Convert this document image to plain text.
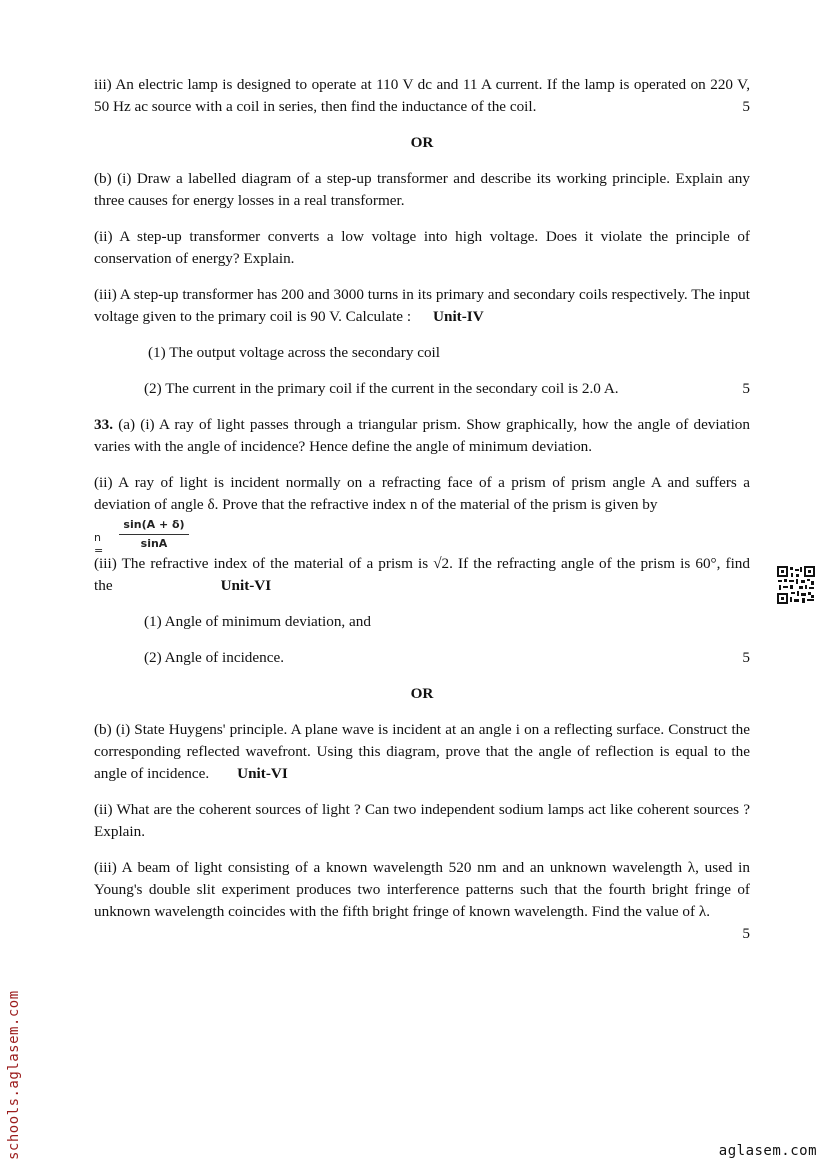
iii) An electric lamp is designed to operate at 110 V dc and 11 A current. If the lamp is operated on 220 V, 50 Hz ac source with a coil in series, then find the inductance of the coil.	5
OR

(b) (i) Draw a labelled diagram of a step-up transformer and describe its working principle. Explain any three causes for energy losses in a real transformer.

(ii) A step-up transformer converts a low voltage into high voltage. Does it violate the principle of conservation of energy? Explain.

(iii) A step-up transformer has 200 and 3000 turns in its primary and secondary coils respectively. The input voltage given to the primary coil is 90 V. Calculate : Unit-IV

(1) The output voltage across the secondary coil

(2) The current in the primary coil if the current in the secondary coil is 2.0 A.	5

33. (a) (i) A ray of light passes through a triangular prism. Show graphically, how the angle of deviation varies with the angle of incidence? Hence define the angle of minimum deviation.

(ii) A ray of light is incident normally on a refracting face of a prism of prism angle A and suffers a deviation of angle δ. Prove that the refractive index n of the material of the prism is given by

$n = \frac{\sin(A + \delta)}{\sin A}$

(iii) The refractive index of the material of a prism is √2. If the refracting angle of the prism is 60°, find the	Unit-VI

(1) Angle of minimum deviation, and

(2) Angle of incidence.	5
OR

(b) (i) State Huygens' principle. A plane wave is incident at an angle i on a reflecting surface. Construct the corresponding reflected wavefront. Using this diagram, prove that the angle of reflection is equal to the angle of incidence. Unit-VI

(ii) What are the coherent sources of light ? Can two independent sodium lamps act like coherent sources ? Explain.

(iii) A beam of light consisting of a known wavelength 520 nm and an unknown wavelength λ, used in Young's double slit experiment produces two interference patterns such that the fourth bright fringe of unknown wavelength coincides with the fifth bright fringe of known wavelength. Find the value of λ.

5
schools.aglasem.com	aglasem.com
